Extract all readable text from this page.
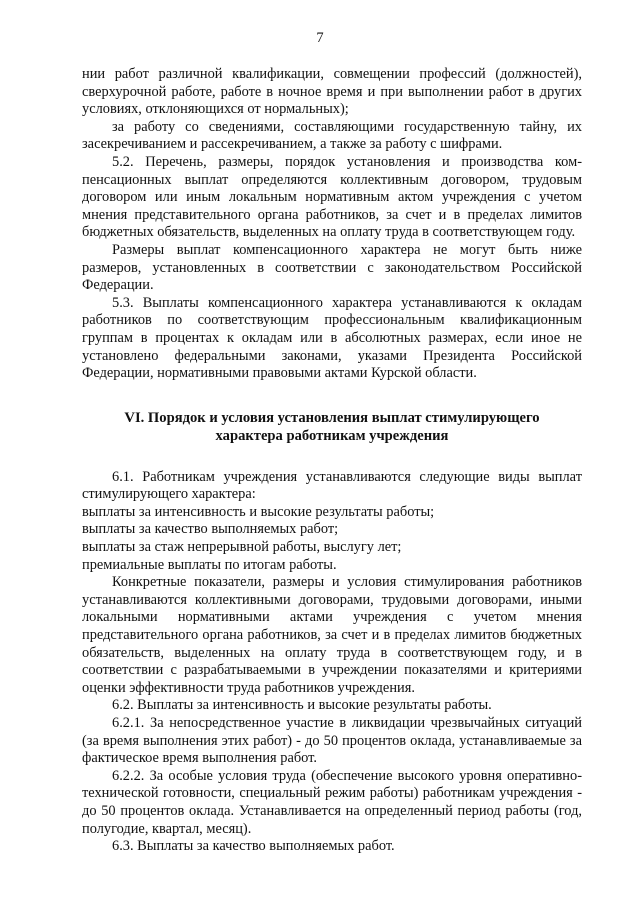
7

нии работ различной квалификации, совмещении профессий (должностей), сверхурочной работе, работе в ночное время и при выполнении работ в других условиях, отклоняющихся от нормальных);

за работу со сведениями, составляющими государственную тайну, их засекречиванием и рассекречиванием, а также за работу с шифрами.

5.2. Перечень, размеры, порядок установления и производства компенсационных выплат определяются коллективным договором, трудовым договором или иным локальным нормативным актом учреждения с учетом мнения представительного органа работников, за счет и в пределах лимитов бюджетных обязательств, выделенных на оплату труда в соответствующем году.

Размеры выплат компенсационного характера не могут быть ниже размеров, установленных в соответствии с законодательством Российской Федерации.

5.3. Выплаты компенсационного характера устанавливаются к окладам работников по соответствующим профессиональным квалификационным группам в процентах к окладам или в абсолютных размерах, если иное не установлено федеральными законами, указами Президента Российской Федерации, нормативными правовыми актами Курской области.

VI. Порядок и условия установления выплат стимулирующего
характера работникам учреждения

6.1. Работникам учреждения устанавливаются следующие виды выплат стимулирующего характера:

выплаты за интенсивность и высокие результаты работы;

выплаты за качество выполняемых работ;

выплаты за стаж непрерывной работы, выслугу лет;

премиальные выплаты по итогам работы.

Конкретные показатели, размеры и условия стимулирования работников устанавливаются коллективными договорами, трудовыми договорами, иными локальными нормативными актами учреждения с учетом мнения представительного органа работников, за счет и в пределах лимитов бюджетных обязательств, выделенных на оплату труда в соответствующем году, и в соответствии с разрабатываемыми в учреждении показателями и критериями оценки эффективности труда работников учреждения.

6.2. Выплаты за интенсивность и высокие результаты работы.

6.2.1. За непосредственное участие в ликвидации чрезвычайных ситуаций (за время выполнения этих работ) - до 50 процентов оклада, устанавливаемые за фактическое время выполнения работ.

6.2.2. За особые условия труда (обеспечение высокого уровня оперативно-технической готовности, специальный режим работы) работникам учреждения - до 50 процентов оклада. Устанавливается на определенный период работы (год, полугодие, квартал, месяц).

6.3. Выплаты за качество выполняемых работ.
